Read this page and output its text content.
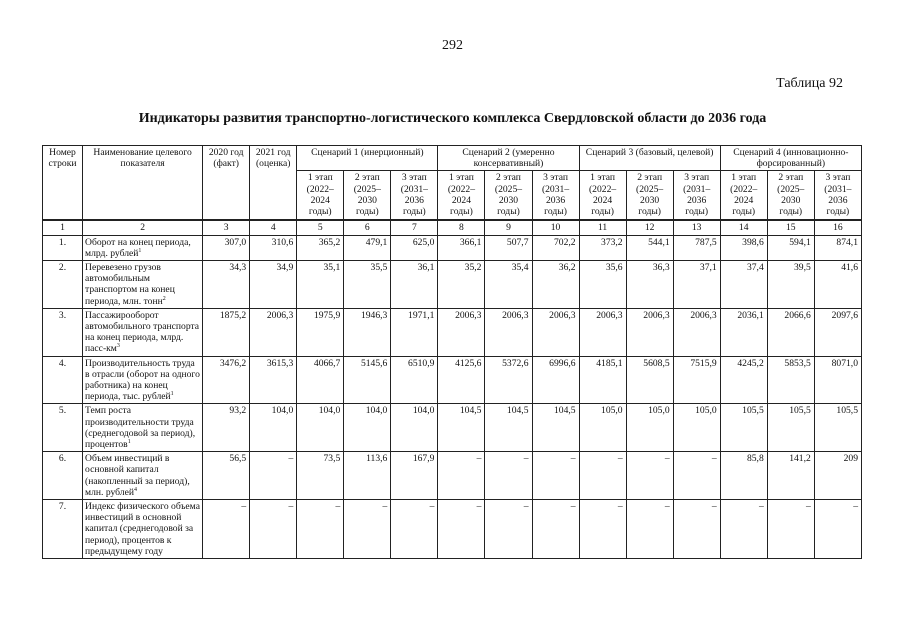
292
Таблица 92
Индикаторы развития транспортно-логистического комплекса Свердловской области до 2036 года
Номер строки	Наименование целевого показателя	2020 год (факт)	2021 год (оценка)	Сценарий 1 (инерционный)			Сценарий 2 (умеренно консервативный)			Сценарий 3 (базовый, целевой)			Сценарий 4 (инновационно-форсированный)		
				1 этап (2022–2024 годы)	2 этап (2025–2030 годы)	3 этап (2031–2036 годы)	1 этап (2022–2024 годы)	2 этап (2025–2030 годы)	3 этап (2031–2036 годы)	1 этап (2022–2024 годы)	2 этап (2025–2030 годы)	3 этап (2031–2036 годы)	1 этап (2022–2024 годы)	2 этап (2025–2030 годы)	3 этап (2031–2036 годы)
1	2	3	4	5	6	7	8	9	10	11	12	13	14	15	16
1.	Оборот на конец периода, млрд. рублей$^1$	307,0	310,6	365,2	479,1	625,0	366,1	507,7	702,2	373,2	544,1	787,5	398,6	594,1	874,1
2.	Перевезено грузов автомобильным транспортом на конец периода, млн. тонн$^2$	34,3	34,9	35,1	35,5	36,1	35,2	35,4	36,2	35,6	36,3	37,1	37,4	39,5	41,6
3.	Пассажирооборот автомобильного транспорта на конец периода, млрд. пасс-$км^3$	1875,2	2006,3	1975,9	1946,3	1971,1	2006,3	2006,3	2006,3	2006,3	2006,3	2006,3	2036,1	2066,6	2097,6
4.	Производительность труда в отрасли (оборот на одного работника) на конец периода, тыс. рублей$^1$	3476,2	3615,3	4066,7	5145,6	6510,9	4125,6	5372,6	6996,6	4185,1	5608,5	7515,9	4245,2	5853,5	8071,0
5.	Темп роста производительности труда (среднегодовой за период), процентов$^1$	93,2	104,0	104,0	104,0	104,0	104,5	104,5	104,5	105,0	105,0	105,0	105,5	105,5	105,5
6.	Объем инвестиций в основной капитал (накопленный за период), млн. рублей$^4$	56,5	–	73,5	113,6	167,9	–	–	–	–	–	–	85,8	141,2	209
7.	Индекс физического объема инвестиций в основной капитал (среднегодовой за период), процентов к предыдущему году	–	–	–	–	–	–	–	–	–	–	–	–	–	–
